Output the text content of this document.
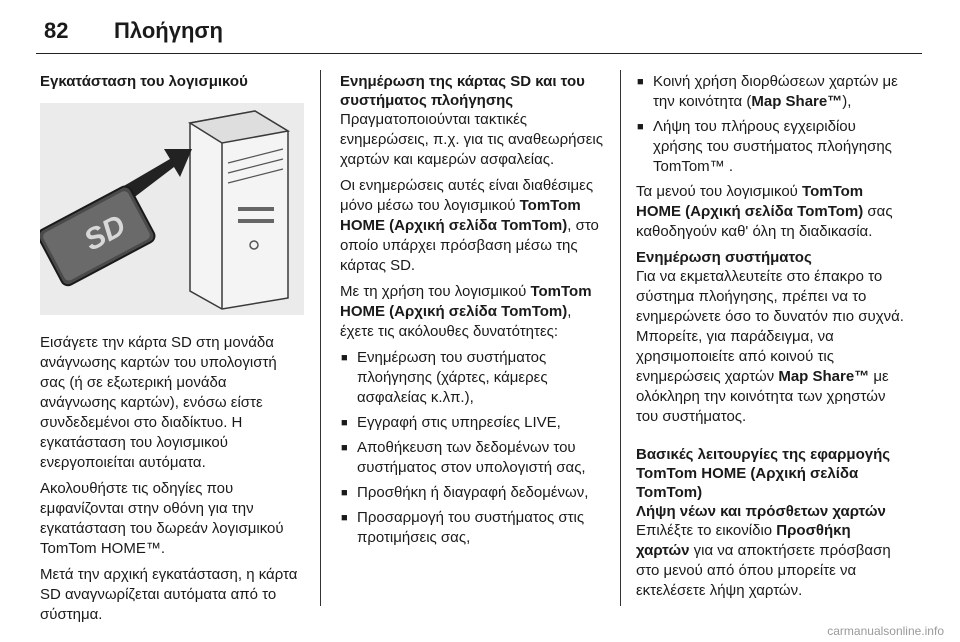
82 Πλοήγηση
Εγκατάσταση του λογισμικού
SD

Εισάγετε την κάρτα SD στη μονάδα ανάγνωσης καρτών του υπολογιστή σας (ή σε εξωτερική μονάδα ανάγνωσης καρτών), ενόσω είστε συνδεδεμένοι στο διαδίκτυο. Η εγκατάσταση του λογισμικού ενεργοποιείται αυτόματα.

Ακολουθήστε τις οδηγίες που εμφανίζονται στην οθόνη για την εγκατάσταση του δωρεάν λογισμικού TomTom HOME™.

Μετά την αρχική εγκατάσταση, η κάρτα SD αναγνωρίζεται αυτόματα από το σύστημα.

Ενημέρωση της κάρτας SD και του συστήματος πλοήγησης

Πραγματοποιούνται τακτικές ενημερώσεις, π.χ. για τις αναθεωρήσεις χαρτών και καμερών ασφαλείας.

Οι ενημερώσεις αυτές είναι διαθέσιμες μόνο μέσω του λογισμικού TomTom HOME (Αρχική σελίδα TomTom), στο οποίο υπάρχει πρόσβαση μέσω της κάρτας SD.

Με τη χρήση του λογισμικού TomTom HOME (Αρχική σελίδα TomTom), έχετε τις ακόλουθες δυνατότητες:

■ Ενημέρωση του συστήματος πλοήγησης (χάρτες, κάμερες ασφαλείας κ.λπ.),
■ Εγγραφή στις υπηρεσίες LIVE,
■ Αποθήκευση των δεδομένων του συστήματος στον υπολογιστή σας,
■ Προσθήκη ή διαγραφή δεδομένων,
■ Προσαρμογή του συστήματος στις προτιμήσεις σας,
■ Κοινή χρήση διορθώσεων χαρτών με την κοινότητα (Map Share™),
■ Λήψη του πλήρους εγχειριδίου χρήσης του συστήματος πλοήγησης TomTom™ .

Τα μενού του λογισμικού TomTom HOME (Αρχική σελίδα TomTom) σας καθοδηγούν καθ' όλη τη διαδικασία.

Ενημέρωση συστήματος

Για να εκμεταλλευτείτε στο έπακρο το σύστημα πλοήγησης, πρέπει να το ενημερώνετε όσο το δυνατόν πιο συχνά. Μπορείτε, για παράδειγμα, να χρησιμοποιείτε από κοινού τις ενημερώσεις χαρτών Map Share™ με ολόκληρη την κοινότητα των χρηστών του συστήματος.

Βασικές λειτουργίες της εφαρμογής TomTom HOME (Αρχική σελίδα TomTom)
Λήψη νέων και πρόσθετων χαρτών

Επιλέξτε το εικονίδιο Προσθήκη χαρτών για να αποκτήσετε πρόσβαση στο μενού από όπου μπορείτε να εκτελέσετε λήψη χαρτών.

carmanualsonline.info
